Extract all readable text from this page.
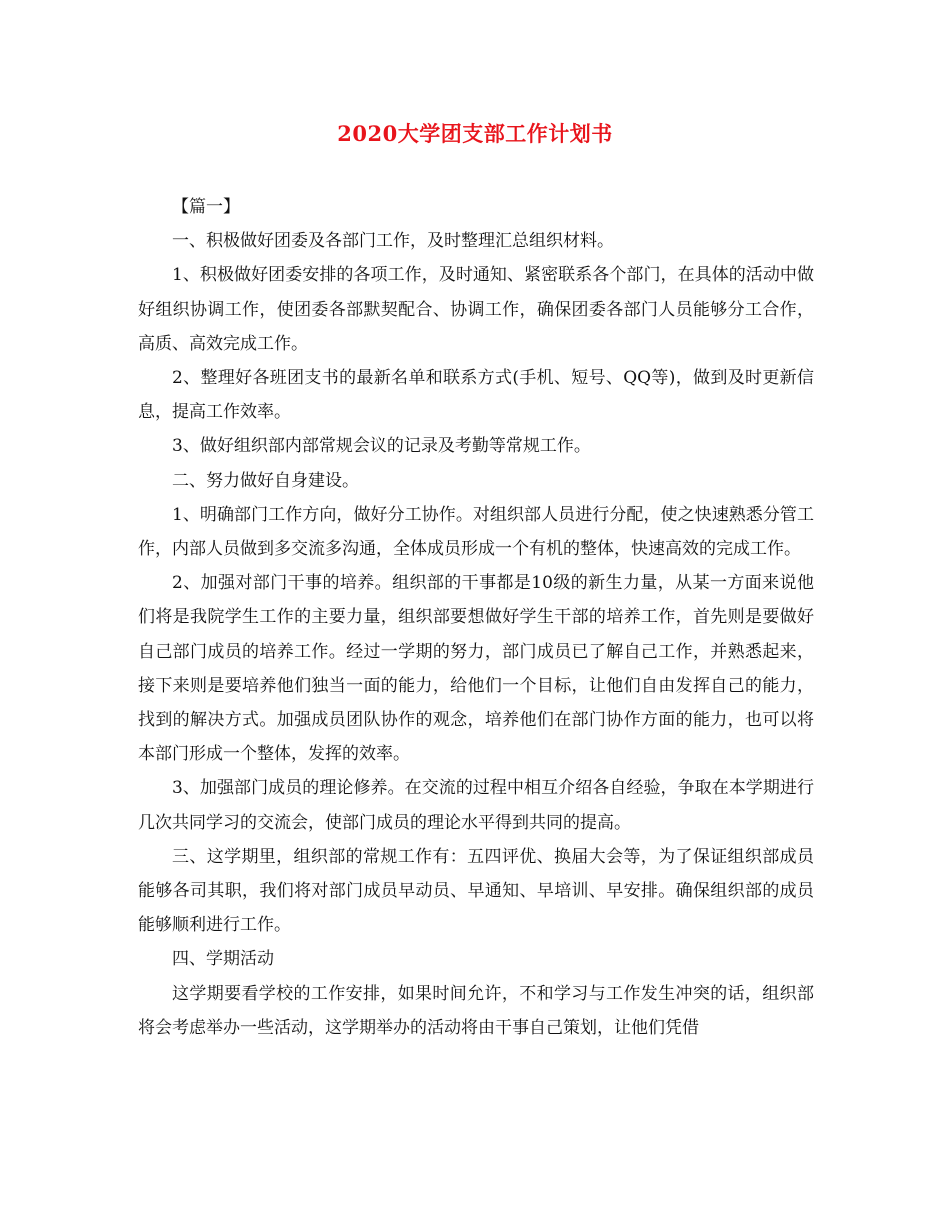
2020大学团支部工作计划书

【篇一】

一、积极做好团委及各部门工作，及时整理汇总组织材料。

1、积极做好团委安排的各项工作，及时通知、紧密联系各个部门，在具体的活动中做好组织协调工作，使团委各部默契配合、协调工作，确保团委各部门人员能够分工合作，高质、高效完成工作。

2、整理好各班团支书的最新名单和联系方式(手机、短号、QQ等)，做到及时更新信息，提高工作效率。

3、做好组织部内部常规会议的记录及考勤等常规工作。

二、努力做好自身建设。

1、明确部门工作方向，做好分工协作。对组织部人员进行分配，使之快速熟悉分管工作，内部人员做到多交流多沟通，全体成员形成一个有机的整体，快速高效的完成工作。

2、加强对部门干事的培养。组织部的干事都是10级的新生力量，从某一方面来说他们将是我院学生工作的主要力量，组织部要想做好学生干部的培养工作，首先则是要做好自己部门成员的培养工作。经过一学期的努力，部门成员已了解自己工作，并熟悉起来，接下来则是要培养他们独当一面的能力，给他们一个目标，让他们自由发挥自己的能力，找到的解决方式。加强成员团队协作的观念，培养他们在部门协作方面的能力，也可以将本部门形成一个整体，发挥的效率。

3、加强部门成员的理论修养。在交流的过程中相互介绍各自经验，争取在本学期进行几次共同学习的交流会，使部门成员的理论水平得到共同的提高。

三、这学期里，组织部的常规工作有：五四评优、换届大会等，为了保证组织部成员能够各司其职，我们将对部门成员早动员、早通知、早培训、早安排。确保组织部的成员能够顺利进行工作。

四、学期活动

这学期要看学校的工作安排，如果时间允许，不和学习与工作发生冲突的话，组织部将会考虑举办一些活动，这学期举办的活动将由干事自己策划，让他们凭借
